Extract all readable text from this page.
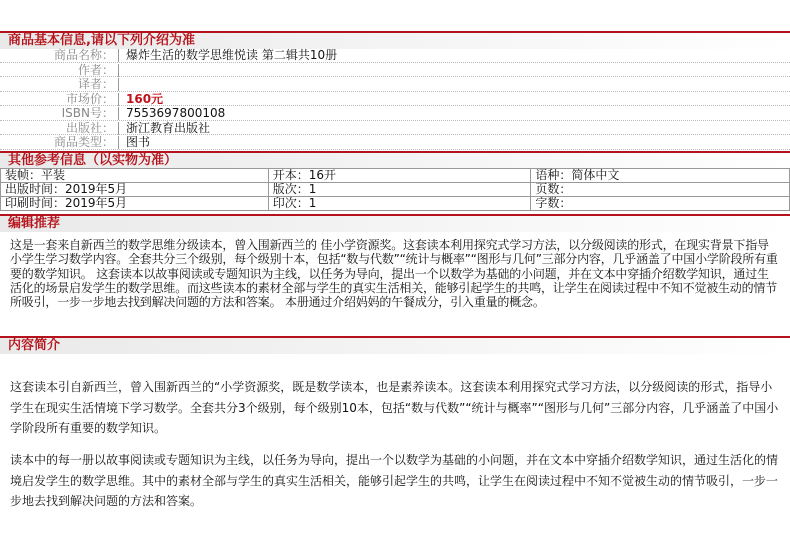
商品基本信息,请以下列介绍为准
商品名称： 爆炸生活的数学思维悦读 第二辑共10册
作者：
译者：
市场价： 160元
ISBN号： 7553697800108
出版社： 浙江教育出版社
商品类型： 图书
其他参考信息（以实物为准）
装帧：平装	开本：16开	语种：简体中文
出版时间：2019年5月	版次：1	页数：
印刷时间：2019年5月	印次：1	字数：
编辑推荐
这是一套来自新西兰的数学思维分级读本，曾入围新西兰的 佳小学资源奖。这套读本利用探究式学习方法，以分级阅读的形式，在现实背景下指导小学生学习数学内容。全套共分三个级别，每个级别十本，包括“数与代数”“统计与概率”“图形与几何”三部分内容，几乎涵盖了中国小学阶段所有重要的数学知识。 这套读本以故事阅读或专题知识为主线，以任务为导向，提出一个以数学为基础的小问题，并在文本中穿插介绍数学知识，通过生活化的场景启发学生的数学思维。而这些读本的素材全部与学生的真实生活相关，能够引起学生的共鸣，让学生在阅读过程中不知不觉被生动的情节所吸引，一步一步地去找到解决问题的方法和答案。 本册通过介绍妈妈的午餐成分，引入重量的概念。
内容简介
这套读本引自新西兰，曾入围新西兰的“小学资源奖，既是数学读本，也是素养读本。这套读本利用探究式学习方法，以分级阅读的形式，指导小学生在现实生活情境下学习数学。全套共分3个级别，每个级别10本，包括“数与代数”“统计与概率”“图形与几何”三部分内容，几乎涵盖了中国小学阶段所有重要的数学知识。
读本中的每一册以故事阅读或专题知识为主线，以任务为导向，提出一个以数学为基础的小问题，并在文本中穿插介绍数学知识，通过生活化的情境启发学生的数学思维。其中的素材全部与学生的真实生活相关，能够引起学生的共鸣，让学生在阅读过程中不知不觉被生动的情节吸引，一步一步地去找到解决问题的方法和答案。
